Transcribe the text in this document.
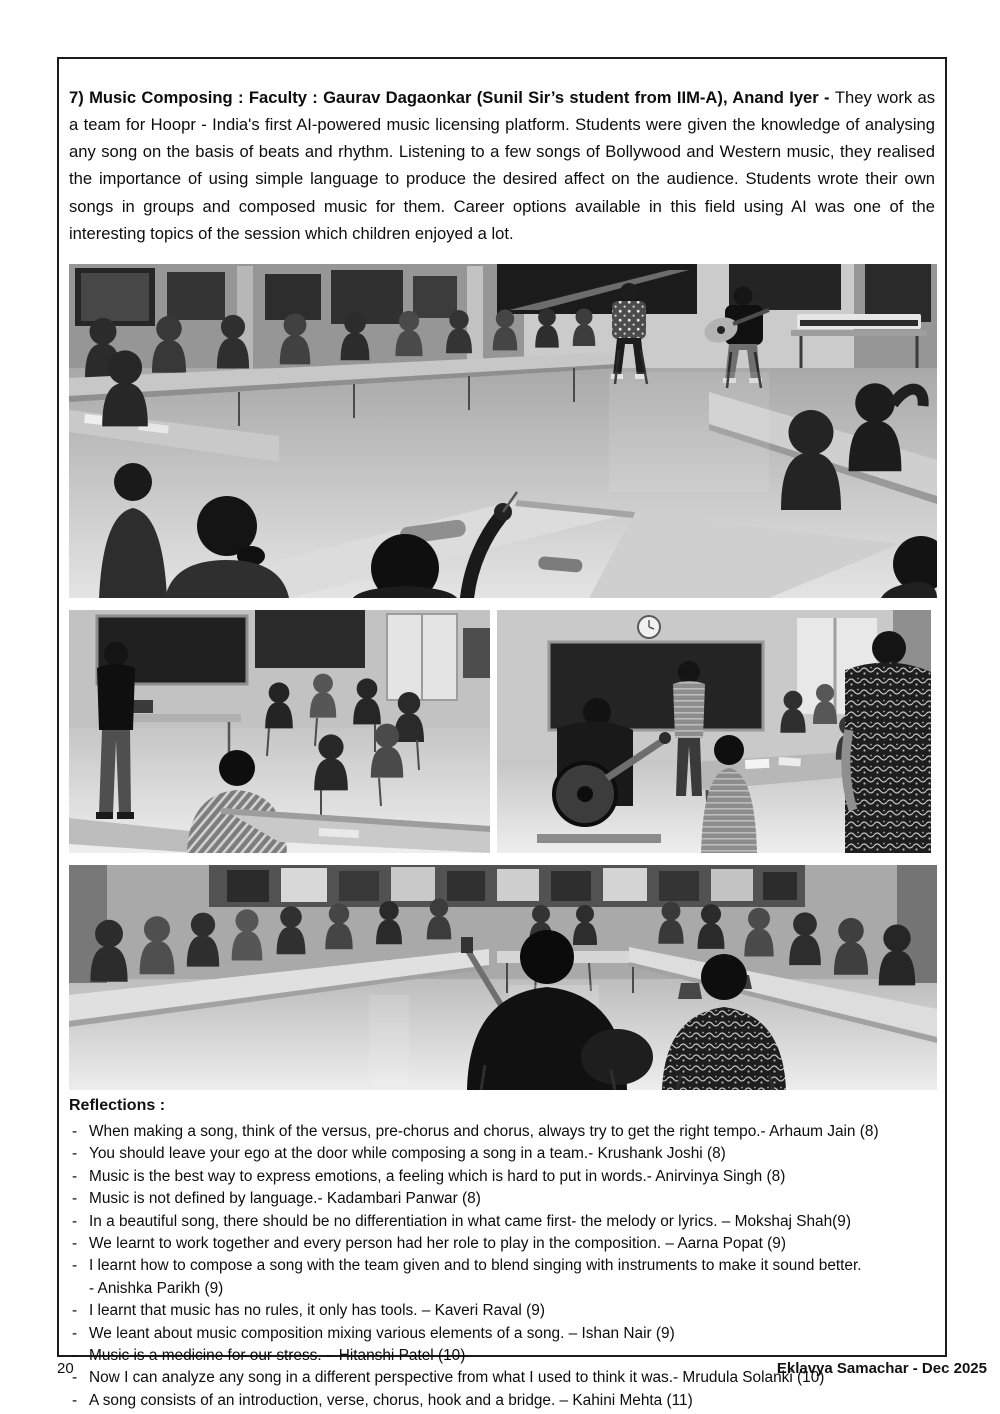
7) Music Composing : Faculty : Gaurav Dagaonkar (Sunil Sir’s student from IIM-A), Anand Iyer - They work as a team for Hoopr - India's first AI-powered music licensing platform. Students were given the knowledge of analysing any song on the basis of beats and rhythm. Listening to a few songs of Bollywood and Western music, they realised the importance of using simple language to produce the desired affect on the audience. Students wrote their own songs in groups and composed music for them. Career options available in this field using AI was one of the interesting topics of the session which children enjoyed a lot.

Reflections :
- When making a song, think of the versus, pre-chorus and chorus, always try to get the right tempo.- Arhaum Jain (8)
- You should leave your ego at the door while composing a song in a team.- Krushank Joshi (8)
- Music is the best way to express emotions, a feeling which is hard to put in words.- Anirvinya Singh (8)
- Music is not defined by language.- Kadambari Panwar (8)
- In a beautiful song, there should be no differentiation in what came first- the melody or lyrics. – Mokshaj Shah(9)
- We learnt to work together and every person had her role to play in the composition. – Aarna Popat (9)
- I learnt how to compose a song with the team given and to blend singing with instruments to make it sound better.
- Anishka Parikh (9)
- I learnt that music has no rules, it only has tools. – Kaveri Raval (9)
- We leant about music composition mixing various elements of a song. – Ishan Nair (9)
- Music is a medicine for our stress. – Hitanshi Patel (10)
- Now I can analyze any song in a different perspective from what I used to think it was.- Mrudula Solanki (10)
- A song consists of an introduction, verse, chorus, hook and a bridge. – Kahini Mehta (11)
20	Eklavya Samachar - Dec 2025
